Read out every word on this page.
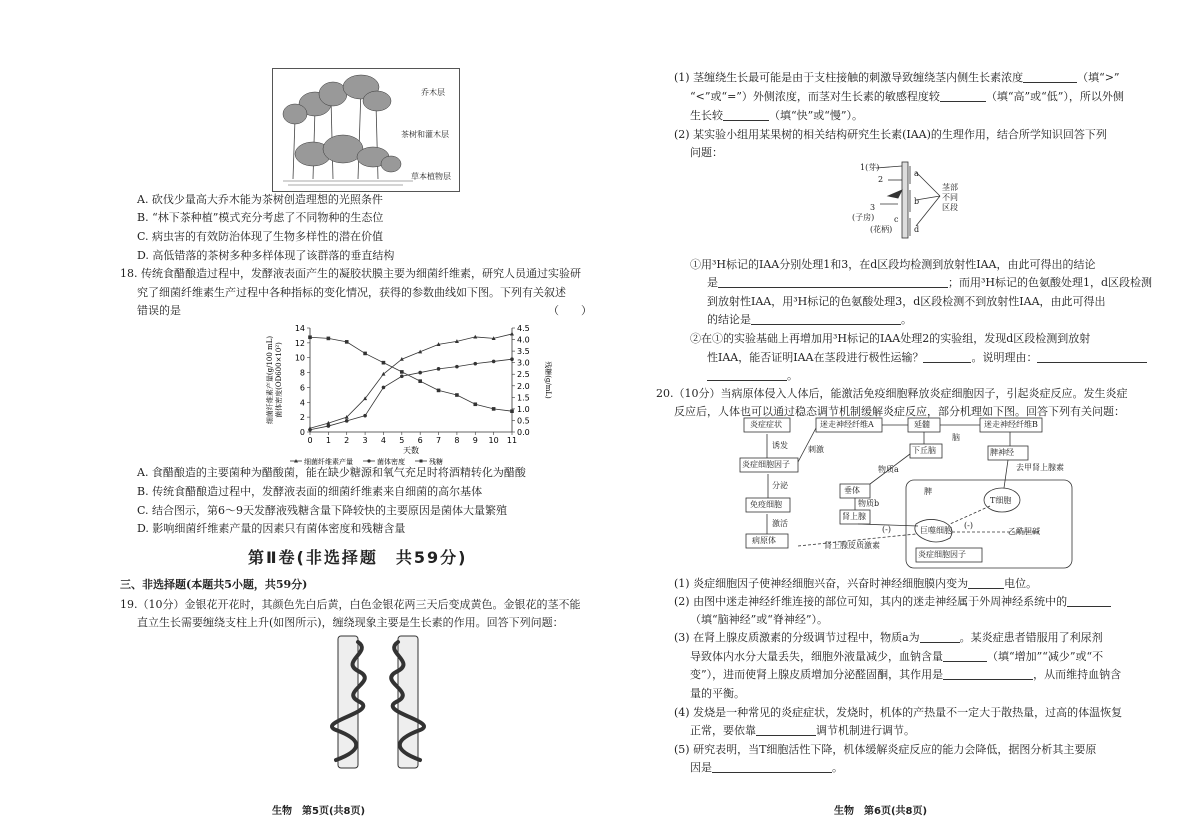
乔木层
茶树和灌木层
草本植物层
A. 砍伐少量高大乔木能为茶树创造理想的光照条件
B. “林下茶种植”模式充分考虑了不同物种的生态位
C. 病虫害的有效防治体现了生物多样性的潜在价值
D. 高低错落的茶树多种多样体现了该群落的垂直结构
18. 传统食醋酿造过程中，发酵液表面产生的凝胶状膜主要为细菌纤维素，研究人员通过实验研
究了细菌纤维素生产过程中各种指标的变化情况，获得的参数曲线如下图。下列有关叙述
错误的是	（　　）
0
2
4
6
8
10
12
14
0.0
0.5
1.0
1.5
2.0
2.5
3.0
3.5
4.0
4.5
0 1 2 3 4 5 6 7 8 9 10 11
天数
细菌纤维素产量(g/100 mL) 菌体密度(OD600×10²)	残糖(g/mL)
细菌纤维素产量	菌体密度	残糖
A. 食醋酿造的主要菌种为醋酸菌，能在缺少糖源和氧气充足时将酒精转化为醋酸
B. 传统食醋酿造过程中，发酵液表面的细菌纤维素来自细菌的高尔基体
C. 结合图示，第6～9天发酵液残糖含量下降较快的主要原因是菌体大量繁殖
D. 影响细菌纤维素产量的因素只有菌体密度和残糖含量
第Ⅱ卷(非选择题　共59分)
三、非选择题(本题共5小题，共59分)
19.（10分）金银花开花时，其颜色先白后黄，白色金银花两三天后变成黄色。金银花的茎不能
直立生长需要缠绕支柱上升(如图所示)，缠绕现象主要是生长素的作用。回答下列问题：
生物　第5页(共8页)
(1) 茎缠绕生长最可能是由于支柱接触的刺激导致缠绕茎内侧生长素浓度	（填“>”
“<”或“=”）外侧浓度，而茎对生长素的敏感程度较	（填“高”或“低”），所以外侧
生长较	（填“快”或“慢”）。
(2) 某实验小组用某果树的相关结构研究生长素(IAA)的生理作用，结合所学知识回答下列
问题：
1(芽)
2
3
(子房)
(花柄)
a
b
c
d
茎部
不同
区段
①用³H标记的IAA分别处理1和3，在d区段均检测到放射性IAA，由此可得出的结论
是	；而用³H标记的色氨酸处理1，d区段检测
到放射性IAA，用³H标记的色氨酸处理3，d区段检测不到放射性IAA，由此可得出
的结论是	。
②在①的实验基础上再增加用³H标记的IAA处理2的实验组，发现d区段检测到放射
性IAA，能否证明IAA在茎段进行极性运输？	。说明理由：
。
20.（10分）当病原体侵入人体后，能激活免疫细胞释放炎症细胞因子，引起炎症反应。发生炎症
反应后，人体也可以通过稳态调节机制缓解炎症反应，部分机理如下图。回答下列有关问题：
炎症症状
诱发
炎症细胞因子
分泌
免疫细胞
激活
病原体
迷走神经纤维A	迷走神经纤维B
延髓
脑
下丘脑
刺激
物质a
垂体
物质b
肾上腺
肾上腺皮质激素
脾
T细胞
巨噬细胞	乙酰胆碱
脾神经
去甲肾上腺素
(-)	(-)
炎症细胞因子
(1) 炎症细胞因子使神经细胞兴奋，兴奋时神经细胞膜内变为	电位。
(2) 由图中迷走神经纤维连接的部位可知，其内的迷走神经属于外周神经系统中的
（填“脑神经”或“脊神经”）。
(3) 在肾上腺皮质激素的分级调节过程中，物质a为	。某炎症患者错服用了利尿剂
导致体内水分大量丢失，细胞外液量减少，血钠含量	（填“增加”“减少”或“不
变”），进而使肾上腺皮质增加分泌醛固酮，其作用是	，从而维持血钠含
量的平衡。
(4) 发烧是一种常见的炎症症状，发烧时，机体的产热量不一定大于散热量，过高的体温恢复
正常，要依靠	调节机制进行调节。
(5) 研究表明，当T细胞活性下降，机体缓解炎症反应的能力会降低，据图分析其主要原
因是	。
生物　第6页(共8页)
